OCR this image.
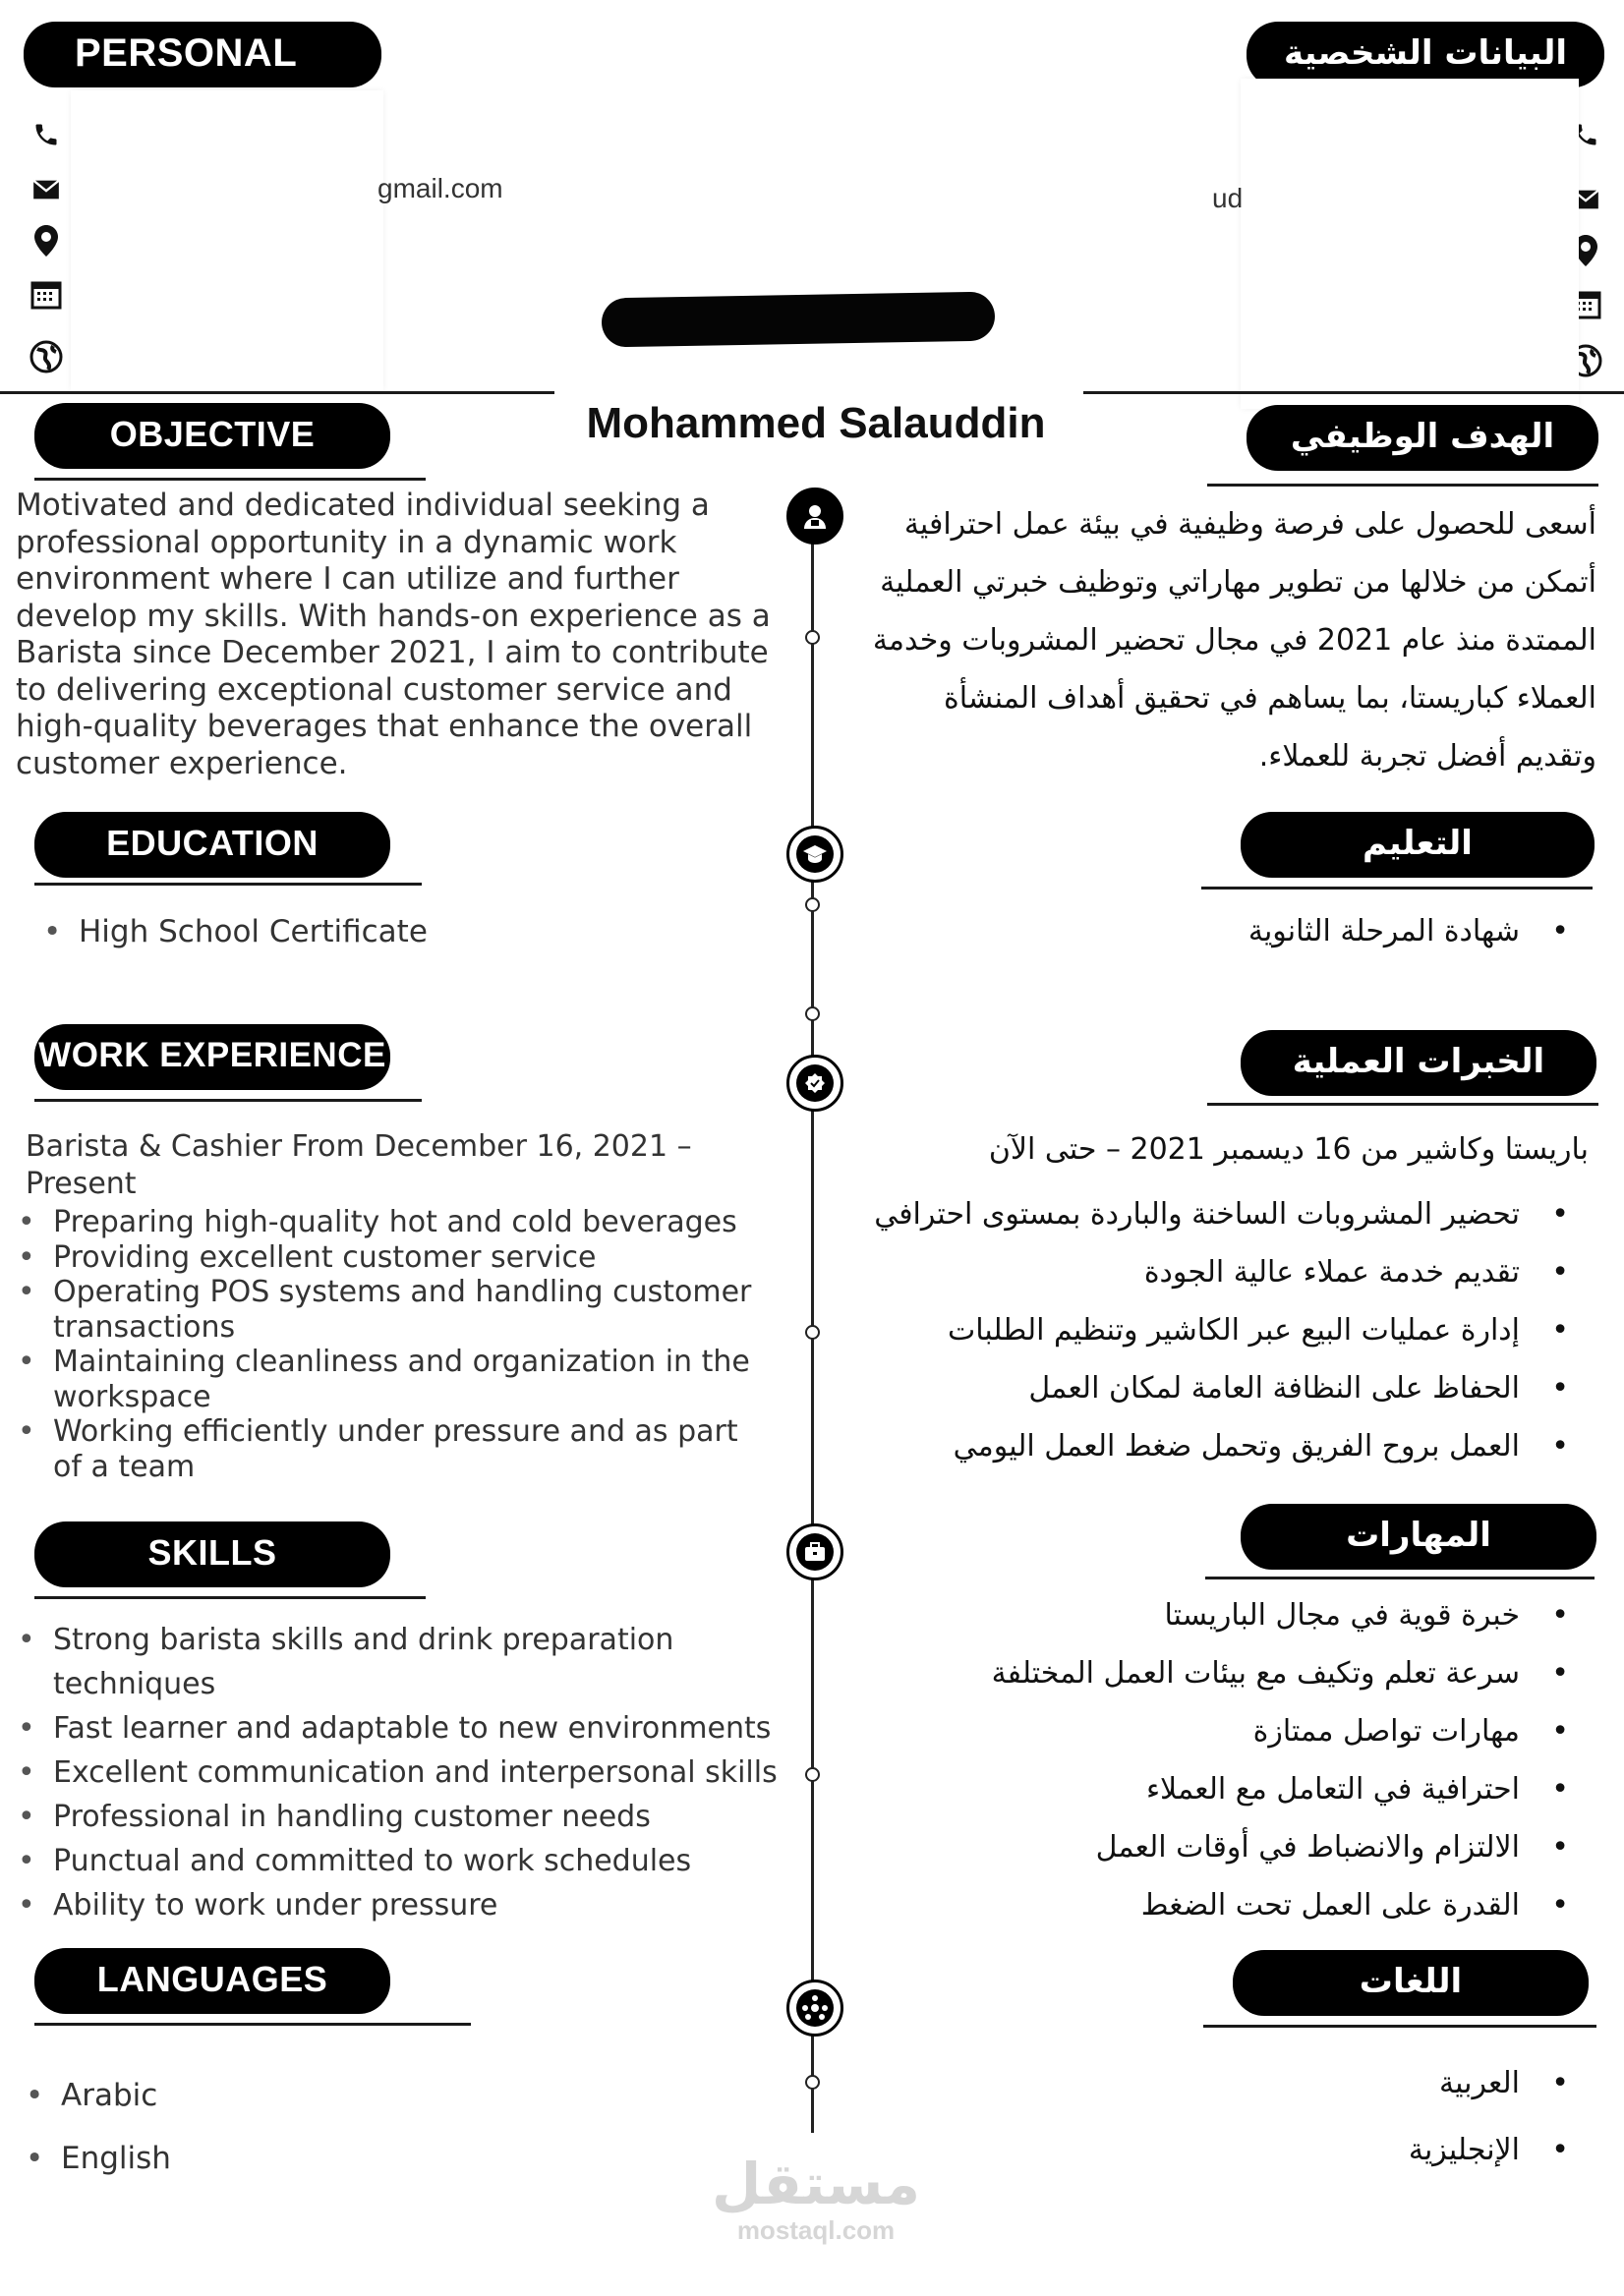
PERSONAL	البيانات الشخصية
gmail.com	ud
Mohammed Salauddin
OBJECTIVE
Motivated and dedicated individual seeking a professional opportunity in a dynamic work environment where I can utilize and further develop my skills. With hands-on experience as a Barista since December 2021, I aim to contribute to delivering exceptional customer service and high-quality beverages that enhance the overall customer experience.
الهدف الوظيفي
أسعى للحصول على فرصة وظيفية في بيئة عمل احترافية
أتمكن من خلالها من تطوير مهاراتي وتوظيف خبرتي العملية
الممتدة منذ عام 2021 في مجال تحضير المشروبات وخدمة
العملاء كباريستا، بما يساهم في تحقيق أهداف المنشأة
وتقديم أفضل تجربة للعملاء.
EDUCATION
• High School Certificate
التعليم
• شهادة المرحلة الثانوية
WORK EXPERIENCE
Barista & Cashier From December 16, 2021 – Present
• Preparing high-quality hot and cold beverages
• Providing excellent customer service
• Operating POS systems and handling customer transactions
• Maintaining cleanliness and organization in the workspace
• Working efficiently under pressure and as part of a team
الخبرات العملية
باريستا وكاشير من 16 ديسمبر 2021 – حتى الآن
• تحضير المشروبات الساخنة والباردة بمستوى احترافي
• تقديم خدمة عملاء عالية الجودة
• إدارة عمليات البيع عبر الكاشير وتنظيم الطلبات
• الحفاظ على النظافة العامة لمكان العمل
• العمل بروح الفريق وتحمل ضغط العمل اليومي
SKILLS
• Strong barista skills and drink preparation techniques
• Fast learner and adaptable to new environments
• Excellent communication and interpersonal skills
• Professional in handling customer needs
• Punctual and committed to work schedules
• Ability to work under pressure
المهارات
• خبرة قوية في مجال الباريستا
• سرعة تعلم وتكيف مع بيئات العمل المختلفة
• مهارات تواصل ممتازة
• احترافية في التعامل مع العملاء
• الالتزام والانضباط في أوقات العمل
• القدرة على العمل تحت الضغط
LANGUAGES
• Arabic
• English
اللغات
• العربية
• الإنجليزية
مستقل
mostaql.com
